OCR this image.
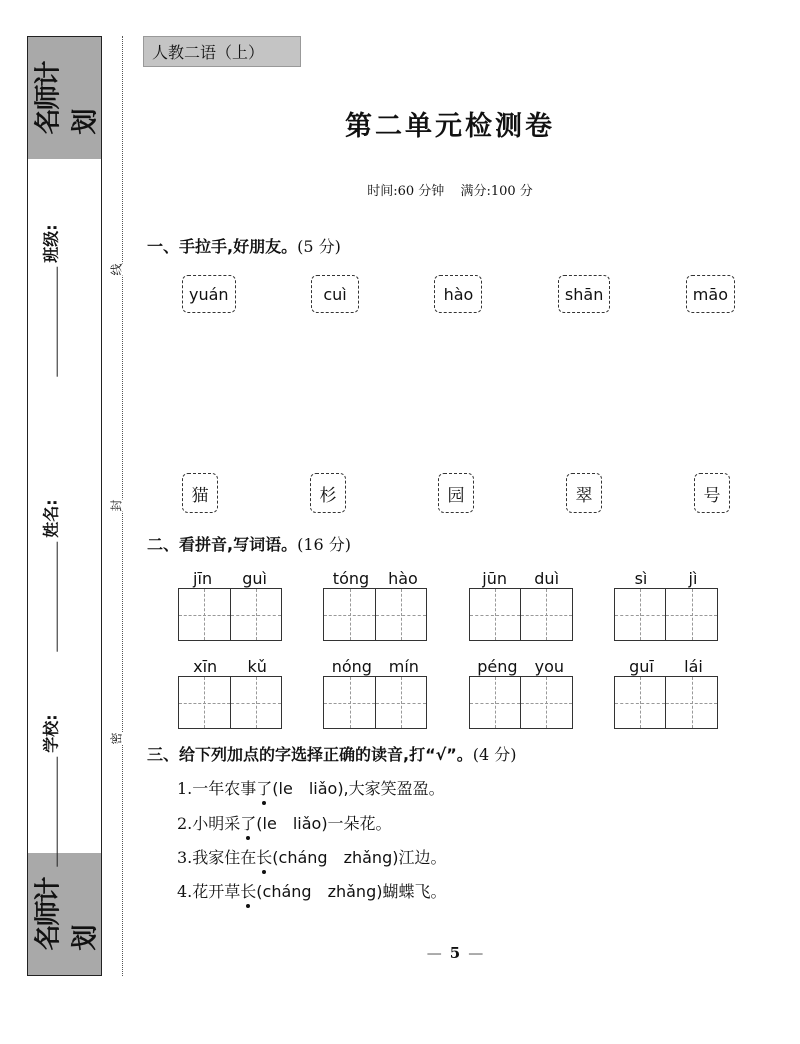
名师计划
名师计划
班级:
姓名:
学校:
线
封
密
人教二语（上）
第二单元检测卷
时间:60 分钟 满分:100 分
一、手拉手,好朋友。(5 分)
yuán	cuì	hào	shān	māo
猫	杉	园	翠	号
二、看拼音,写词语。(16 分)
jīn guì	tóng hào	jūn duì	sì	jì
xīn kǔ	nóng mín	péng you	guī lái
三、给下列加点的字选择正确的读音,打“√”。(4 分)
1.一年农事了(le　liǎo),大家笑盈盈。
2.小明采了(le　liǎo)一朵花。
3.我家住在长(cháng　zhǎng)江边。
4.花开草长(cháng　zhǎng)蝴蝶飞。
— 5 —
